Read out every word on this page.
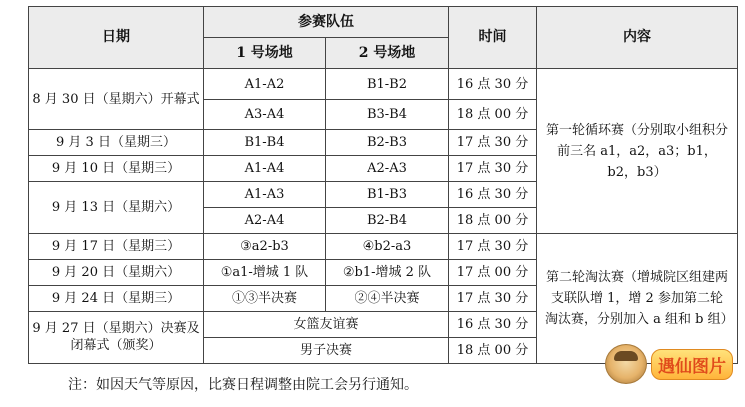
日期	参赛队伍		时间	内容
	1 号场地	2 号场地		
8 月 30 日（星期六）开幕式	A1-A2	B1-B2	16 点 30 分	第一轮循环赛（分别取小组积分前三名 a1，a2，a3；b1，b2，b3）
	A3-A4	B3-B4	18 点 00 分	
9 月 3 日（星期三）	B1-B4	B2-B3	17 点 30 分	
9 月 10 日（星期三）	A1-A4	A2-A3	17 点 30 分	
9 月 13 日（星期六）	A1-A3	B1-B3	16 点 30 分	
	A2-A4	B2-B4	18 点 00 分	
9 月 17 日（星期三）	③a2-b3	④b2-a3	17 点 30 分	第二轮淘汰赛（增城院区组建两支联队增 1，增 2 参加第二轮淘汰赛，分别加入 a 组和 b 组）
9 月 20 日（星期六）	①a1-增城 1 队	②b1-增城 2 队	17 点 00 分	
9 月 24 日（星期三）	①③半决赛	②④半决赛	17 点 30 分	
9 月 27 日（星期六）决赛及闭幕式（颁奖）	女篮友谊赛		16 点 30 分	
	男子决赛		18 点 00 分	
注：如因天气等原因，比赛日程调整由院工会另行通知。
遇仙图片
